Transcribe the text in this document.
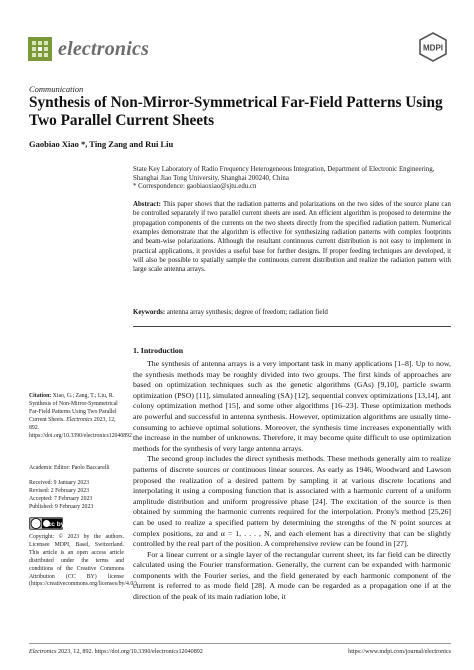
electronics	MDPI
Communication
Synthesis of Non-Mirror-Symmetrical Far-Field Patterns Using Two Parallel Current Sheets
Gaobiao Xiao *, Ting Zang and Rui Liu

State Key Laboratory of Radio Frequency Heterogeneous Integration, Department of Electronic Engineering,

Shanghai Jiao Tong University, Shanghai 200240, China

* Correspondence: gaobiaoxiao@sjtu.edu.cn

Abstract: This paper shows that the radiation patterns and polarizations on the two sides of the source plane can be controlled separately if two parallel current sheets are used. An efficient algorithm is proposed to determine the propagation components of the currents on the two sheets directly from the specified radiation pattern. Numerical examples demonstrate that the algorithm is effective for synthesizing radiation patterns with complex footprints and beam-wise polarizations. Although the resultant continuous current distribution is not easy to implement in practical applications, it provides a useful base for further designs. If proper feeding techniques are developed, it will also be possible to spatially sample the continuous current distribution and realize the radiation pattern with large scale antenna arrays.

Keywords: antenna array synthesis; degree of freedom; radiation field

Citation: Xiao, G.; Zang, T.; Liu, R. Synthesis of Non-Mirror-Symmetrical Far-Field Patterns Using Two Parallel Current Sheets. Electronics 2023, 12, 892. https://doi.org/10.3390/electronics12040892

Academic Editor: Paolo Baccarelli

Received: 9 January 2023

Revised: 2 February 2023

Accepted: 7 February 2023

Published: 9 February 2023

cc by

Copyright: © 2023 by the authors. Licensee MDPI, Basel, Switzerland. This article is an open access article distributed under the terms and conditions of the Creative Commons Attribution (CC BY) license (https://creativecommons.org/licenses/by/4.0/).

1. Introduction

The synthesis of antenna arrays is a very important task in many applications [1–8]. Up to now, the synthesis methods may be roughly divided into two groups. The first kinds of approaches are based on optimization techniques such as the genetic algorithms (GAs) [9,10], particle swarm optimization (PSO) [11], simulated annealing (SA) [12], sequential convex optimizations [13,14], ant colony optimization method [15], and some other algorithms [16–23]. These optimization methods are powerful and successful in antenna synthesis. However, optimization algorithms are usually time-consuming to achieve optimal solutions. Moreover, the synthesis time increases exponentially with the increase in the number of unknowns. Therefore, it may become quite difficult to use optimization methods for the synthesis of very large antenna arrays.

The second group includes the direct synthesis methods. These methods generally aim to realize patterns of discrete sources or continuous linear sources. As early as 1946, Woodward and Lawson proposed the realization of a desired pattern by sampling it at various discrete locations and interpolating it using a composing function that is associated with a harmonic current of a uniform amplitude distribution and uniform progressive phase [24]. The excitation of the source is then obtained by summing the harmonic currents required for the interpolation. Prony's method [25,26] can be used to realize a specified pattern by determining the strengths of the N point sources at complex positions, zα and α = 1, . . . , N, and each element has a directivity that can be slightly controlled by the real part of the position. A comprehensive review can be found in [27].

For a linear current or a single layer of the rectangular current sheet, its far field can be directly calculated using the Fourier transformation. Generally, the current can be expanded with harmonic components with the Fourier series, and the field generated by each harmonic component of the current is referred to as mode field [28]. A mode can be regarded as a propagation one if at the direction of the peak of its main radiation lobe, it

Electronics 2023, 12, 892. https://doi.org/10.3390/electronics12040892	https://www.mdpi.com/journal/electronics
